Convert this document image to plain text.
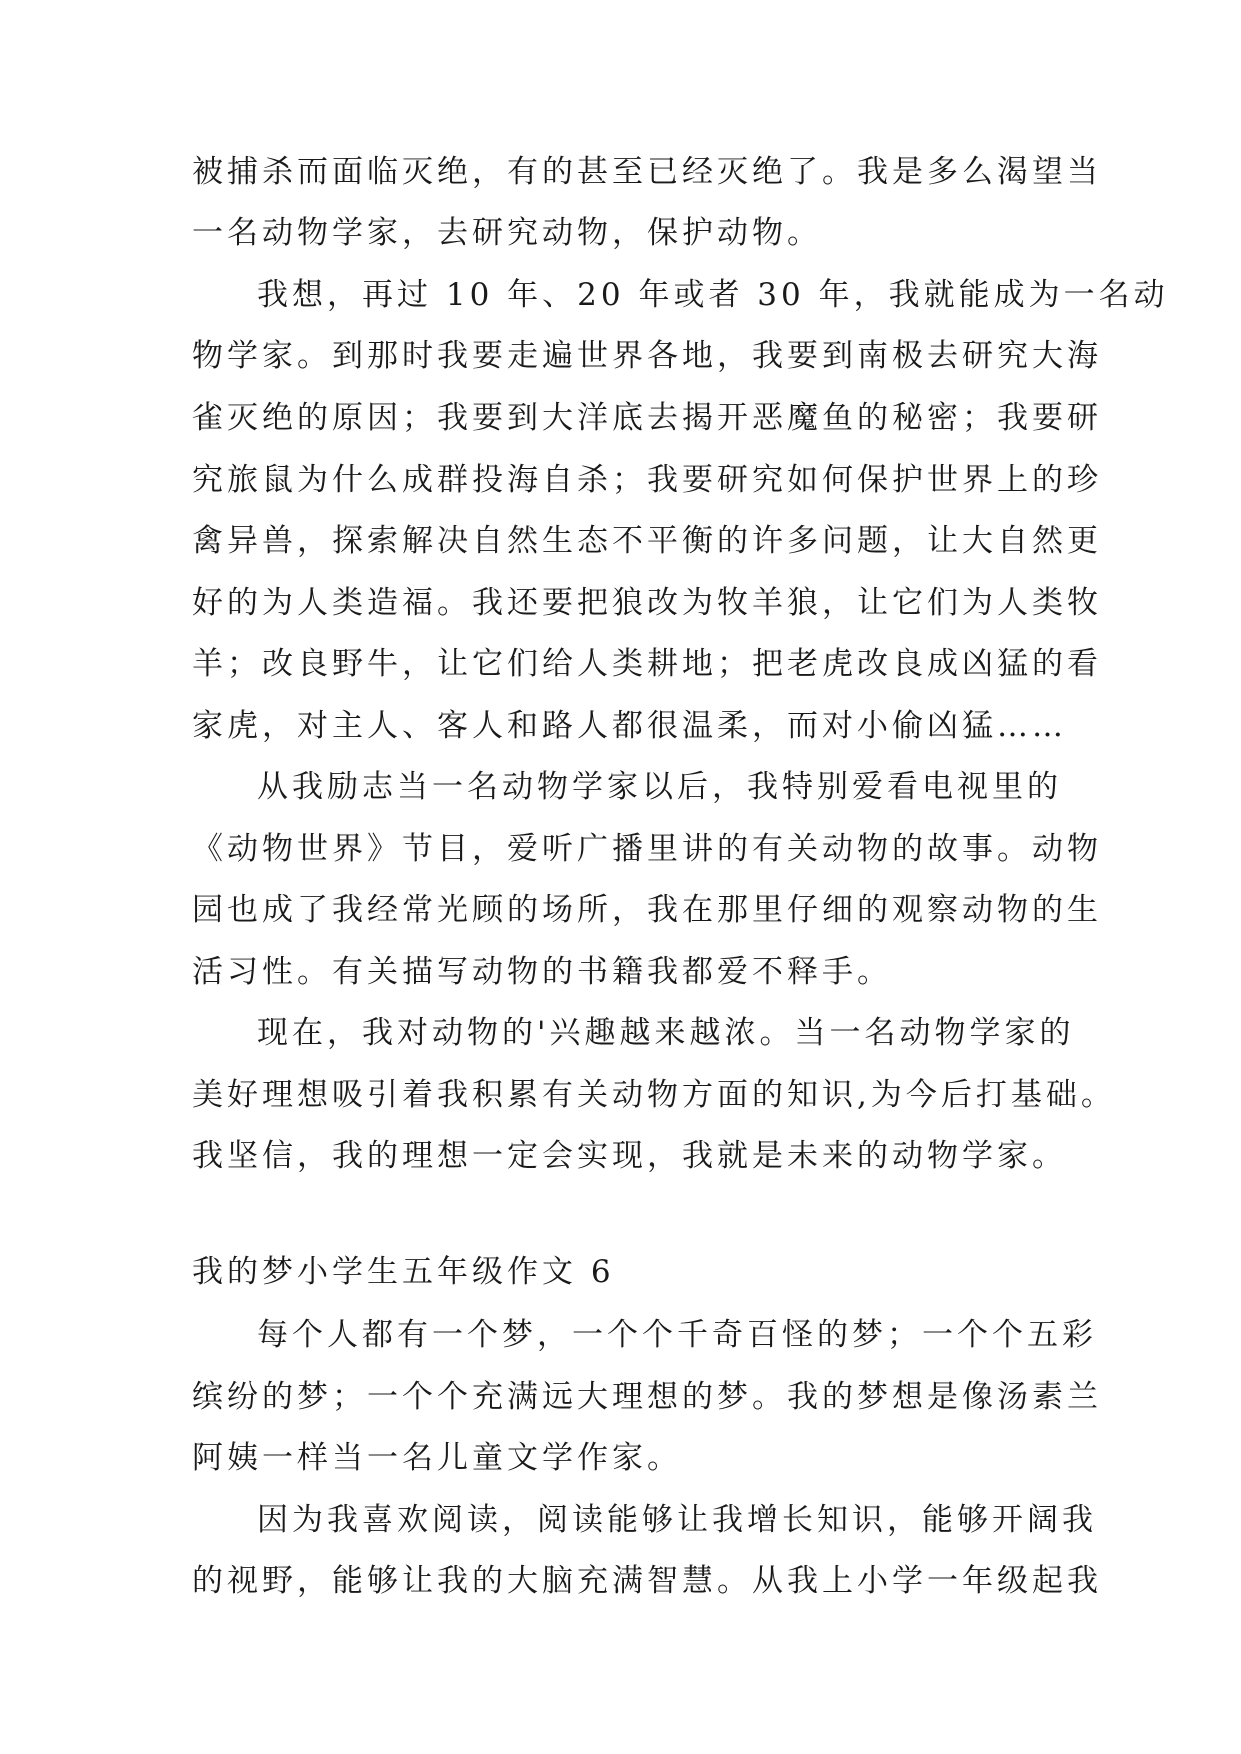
被捕杀而面临灭绝，有的甚至已经灭绝了。我是多么渴望当
一名动物学家，去研究动物，保护动物。
我想，再过 10 年、20 年或者 30 年，我就能成为一名动
物学家。到那时我要走遍世界各地，我要到南极去研究大海
雀灭绝的原因；我要到大洋底去揭开恶魔鱼的秘密；我要研
究旅鼠为什么成群投海自杀；我要研究如何保护世界上的珍
禽异兽，探索解决自然生态不平衡的许多问题，让大自然更
好的为人类造福。我还要把狼改为牧羊狼，让它们为人类牧
羊；改良野牛，让它们给人类耕地；把老虎改良成凶猛的看
家虎，对主人、客人和路人都很温柔，而对小偷凶猛……
从我励志当一名动物学家以后，我特别爱看电视里的
《动物世界》节目，爱听广播里讲的有关动物的故事。动物
园也成了我经常光顾的场所，我在那里仔细的观察动物的生
活习性。有关描写动物的书籍我都爱不释手。
现在，我对动物的'兴趣越来越浓。当一名动物学家的
美好理想吸引着我积累有关动物方面的知识,为今后打基础。
我坚信，我的理想一定会实现，我就是未来的动物学家。
我的梦小学生五年级作文 6
每个人都有一个梦，一个个千奇百怪的梦；一个个五彩
缤纷的梦；一个个充满远大理想的梦。我的梦想是像汤素兰
阿姨一样当一名儿童文学作家。
因为我喜欢阅读，阅读能够让我增长知识，能够开阔我
的视野，能够让我的大脑充满智慧。从我上小学一年级起我
